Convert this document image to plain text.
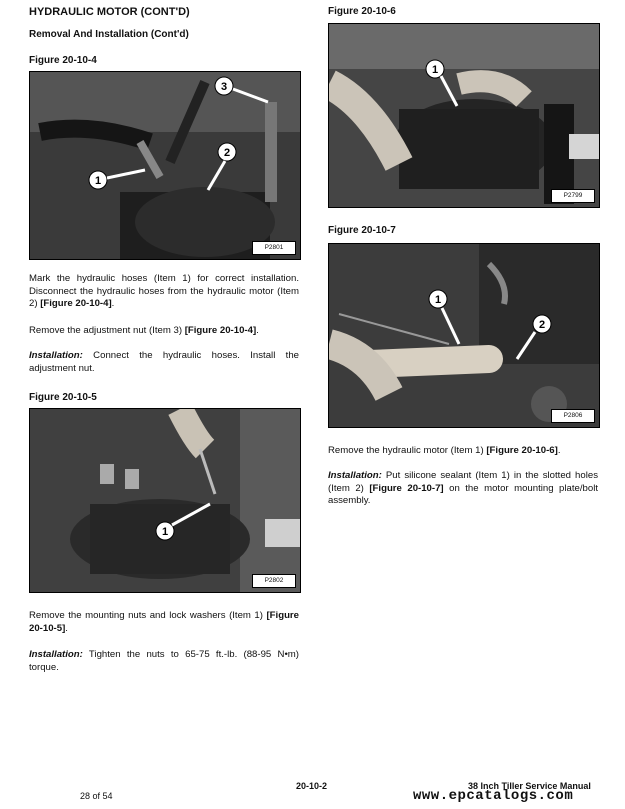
HYDRAULIC MOTOR (CONT'D)
Removal And Installation (Cont'd)
Figure 20-10-4
1
2
3
P2801
Mark the hydraulic hoses (Item 1) for correct installation. Disconnect the hydraulic hoses from the hydraulic motor (Item 2) [Figure 20-10-4].
Remove the adjustment nut (Item 3) [Figure 20-10-4].
Installation: Connect the hydraulic hoses. Install the adjustment nut.
Figure 20-10-5
1
P2802
Remove the mounting nuts and lock washers (Item 1) [Figure 20-10-5].
Installation: Tighten the nuts to 65-75 ft.-lb. (88-95 N•m) torque.
Figure 20-10-6
1
P2799
Figure 20-10-7
1
2
P2806
Remove the hydraulic motor (Item 1) [Figure 20-10-6].
Installation: Put silicone sealant (Item 1) in the slotted holes (Item 2) [Figure 20-10-7] on the motor mounting plate/bolt assembly.
20-10-2	38 Inch Tiller Service Manual
28 of 54	www.epcatalogs.com
